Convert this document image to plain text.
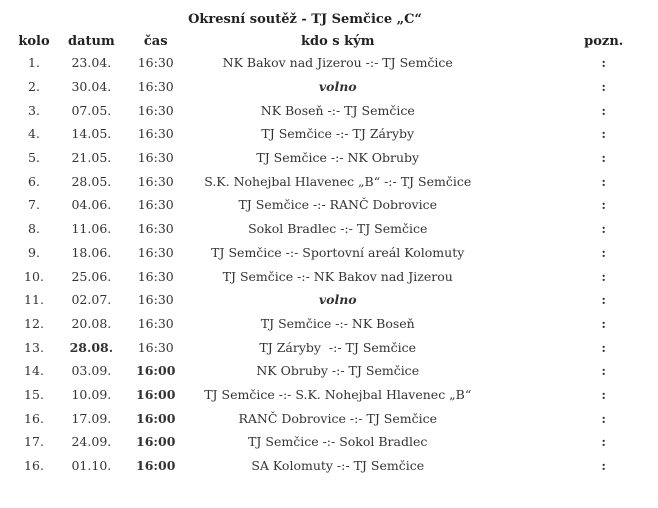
Okresní soutěž - TJ Semčice „C“
kolo	datum	čas	kdo s kým		pozn.
1.	23.04.	16:30	NK Bakov nad Jizerou -:- TJ Semčice		:
2.	30.04.	16:30	volno		:
3.	07.05.	16:30	NK Boseň -:- TJ Semčice		:
4.	14.05.	16:30	TJ Semčice -:- TJ Záryby		:
5.	21.05.	16:30	TJ Semčice -:- NK Obruby		:
6.	28.05.	16:30	S.K. Nohejbal Hlavenec „B“ -:- TJ Semčice		:
7.	04.06.	16:30	TJ Semčice -:- RANČ Dobrovice		:
8.	11.06.	16:30	Sokol Bradlec -:- TJ Semčice		:
9.	18.06.	16:30	TJ Semčice -:- Sportovní areál Kolomuty		:
10.	25.06.	16:30	TJ Semčice -:- NK Bakov nad Jizerou		:
11.	02.07.	16:30	volno		:
12.	20.08.	16:30	TJ Semčice -:- NK Boseň		:
13.	28.08.	16:30	TJ Záryby  -:- TJ Semčice		:
14.	03.09.	16:00	NK Obruby -:- TJ Semčice		:
15.	10.09.	16:00	TJ Semčice -:- S.K. Nohejbal Hlavenec „B“		:
16.	17.09.	16:00	RANČ Dobrovice -:- TJ Semčice		:
17.	24.09.	16:00	TJ Semčice -:- Sokol Bradlec		:
16.	01.10.	16:00	SA Kolomuty -:- TJ Semčice		:
